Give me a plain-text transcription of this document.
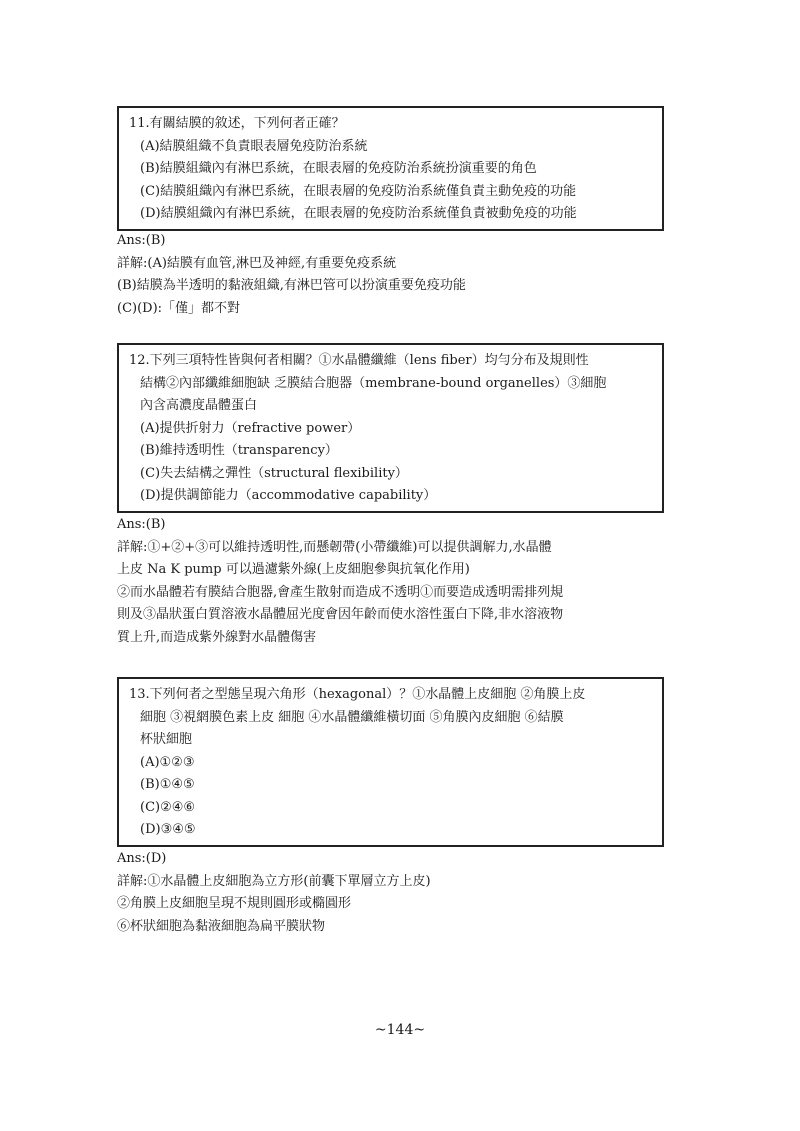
11.有關結膜的敘述，下列何者正確？
(A)結膜組織不負責眼表層免疫防治系統
(B)結膜組織內有淋巴系統，在眼表層的免疫防治系統扮演重要的角色
(C)結膜組織內有淋巴系統，在眼表層的免疫防治系統僅負責主動免疫的功能
(D)結膜組織內有淋巴系統，在眼表層的免疫防治系統僅負責被動免疫的功能
Ans:(B)
詳解:(A)結膜有血管,淋巴及神經,有重要免疫系統
(B)結膜為半透明的黏液組織,有淋巴管可以扮演重要免疫功能
(C)(D):「僅」都不對
12.下列三項特性皆與何者相關？①水晶體纖維（lens fiber）均勻分布及規則性
結構②內部纖維細胞缺 乏膜結合胞器（membrane-bound organelles）③細胞
內含高濃度晶體蛋白
(A)提供折射力（refractive power）
(B)維持透明性（transparency）
(C)失去結構之彈性（structural flexibility）
(D)提供調節能力（accommodative capability）
Ans:(B)
詳解:①+②+③可以維持透明性,而懸韌帶(小帶纖維)可以提供調解力,水晶體
上皮 Na K pump 可以過濾紫外線(上皮細胞參與抗氧化作用)
②而水晶體若有膜結合胞器,會產生散射而造成不透明①而要造成透明需排列規
則及③晶狀蛋白質溶液水晶體屈光度會因年齡而使水溶性蛋白下降,非水溶液物
質上升,而造成紫外線對水晶體傷害
13.下列何者之型態呈現六角形（hexagonal）？①水晶體上皮細胞 ②角膜上皮
細胞 ③視網膜色素上皮 細胞 ④水晶體纖維橫切面 ⑤角膜內皮細胞 ⑥結膜
杯狀細胞
(A)①②③
(B)①④⑤
(C)②④⑥
(D)③④⑤
Ans:(D)
詳解:①水晶體上皮細胞為立方形(前囊下單層立方上皮)
②角膜上皮細胞呈現不規則圓形或橢圓形
⑥杯狀細胞為黏液細胞為扁平膜狀物
~144~
